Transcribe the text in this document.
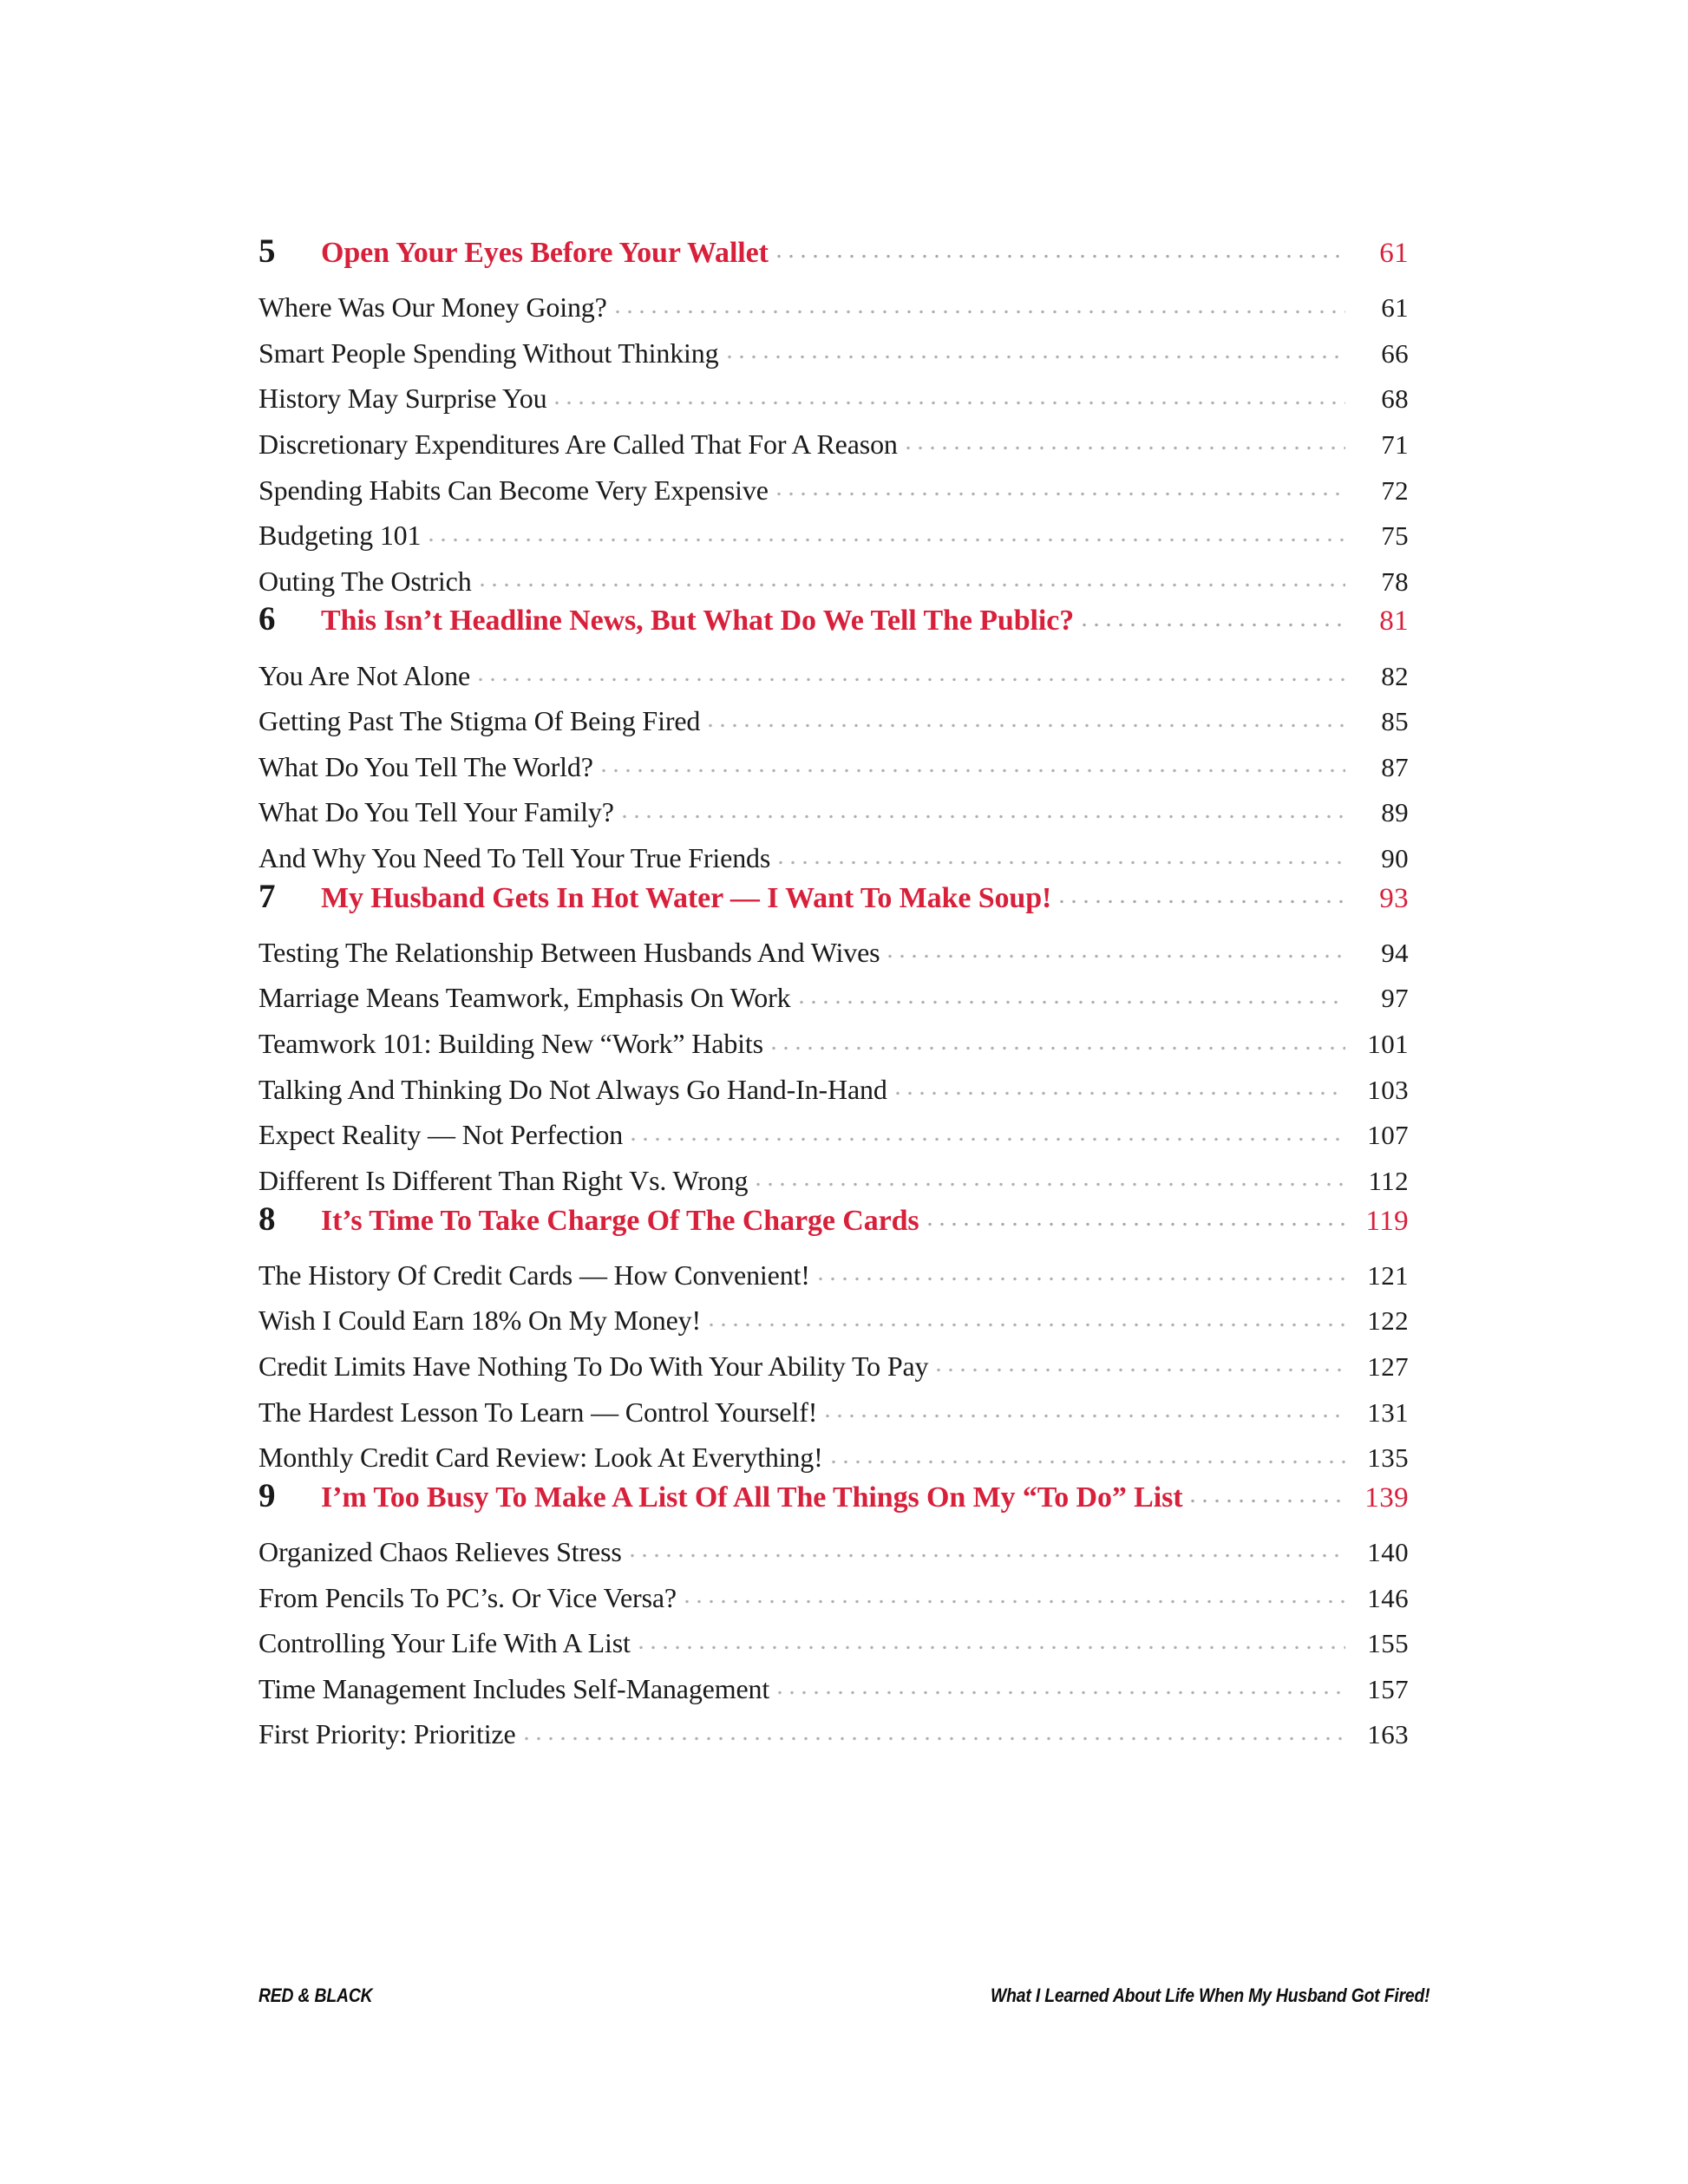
5	Open Your Eyes Before Your Wallet	61
Where Was Our Money Going?	61
Smart People Spending Without Thinking	66
History May Surprise You	68
Discretionary Expenditures Are Called That For A Reason	71
Spending Habits Can Become Very Expensive	72
Budgeting 101	75
Outing The Ostrich	78
6	This Isn’t Headline News, But What Do We Tell The Public?	81
You Are Not Alone	82
Getting Past The Stigma Of Being Fired	85
What Do You Tell The World?	87
What Do You Tell Your Family?	89
And Why You Need To Tell Your True Friends	90
7	My Husband Gets In Hot Water — I Want To Make Soup!	93
Testing The Relationship Between Husbands And Wives	94
Marriage Means Teamwork, Emphasis On Work	97
Teamwork 101: Building New “Work” Habits	101
Talking And Thinking Do Not Always Go Hand-In-Hand	103
Expect Reality — Not Perfection	107
Different Is Different Than Right Vs. Wrong	112
8	It’s Time To Take Charge Of The Charge Cards	119
The History Of Credit Cards — How Convenient!	121
Wish I Could Earn 18% On My Money!	122
Credit Limits Have Nothing To Do With Your Ability To Pay	127
The Hardest Lesson To Learn — Control Yourself!	131
Monthly Credit Card Review: Look At Everything!	135
9	I’m Too Busy To Make A List Of All The Things On My “To Do” List	139
Organized Chaos Relieves Stress	140
From Pencils To PC’s. Or Vice Versa?	146
Controlling Your Life With A List	155
Time Management Includes Self-Management	157
First Priority: Prioritize	163
RED & BLACK	What I Learned About Life When My Husband Got Fired!
